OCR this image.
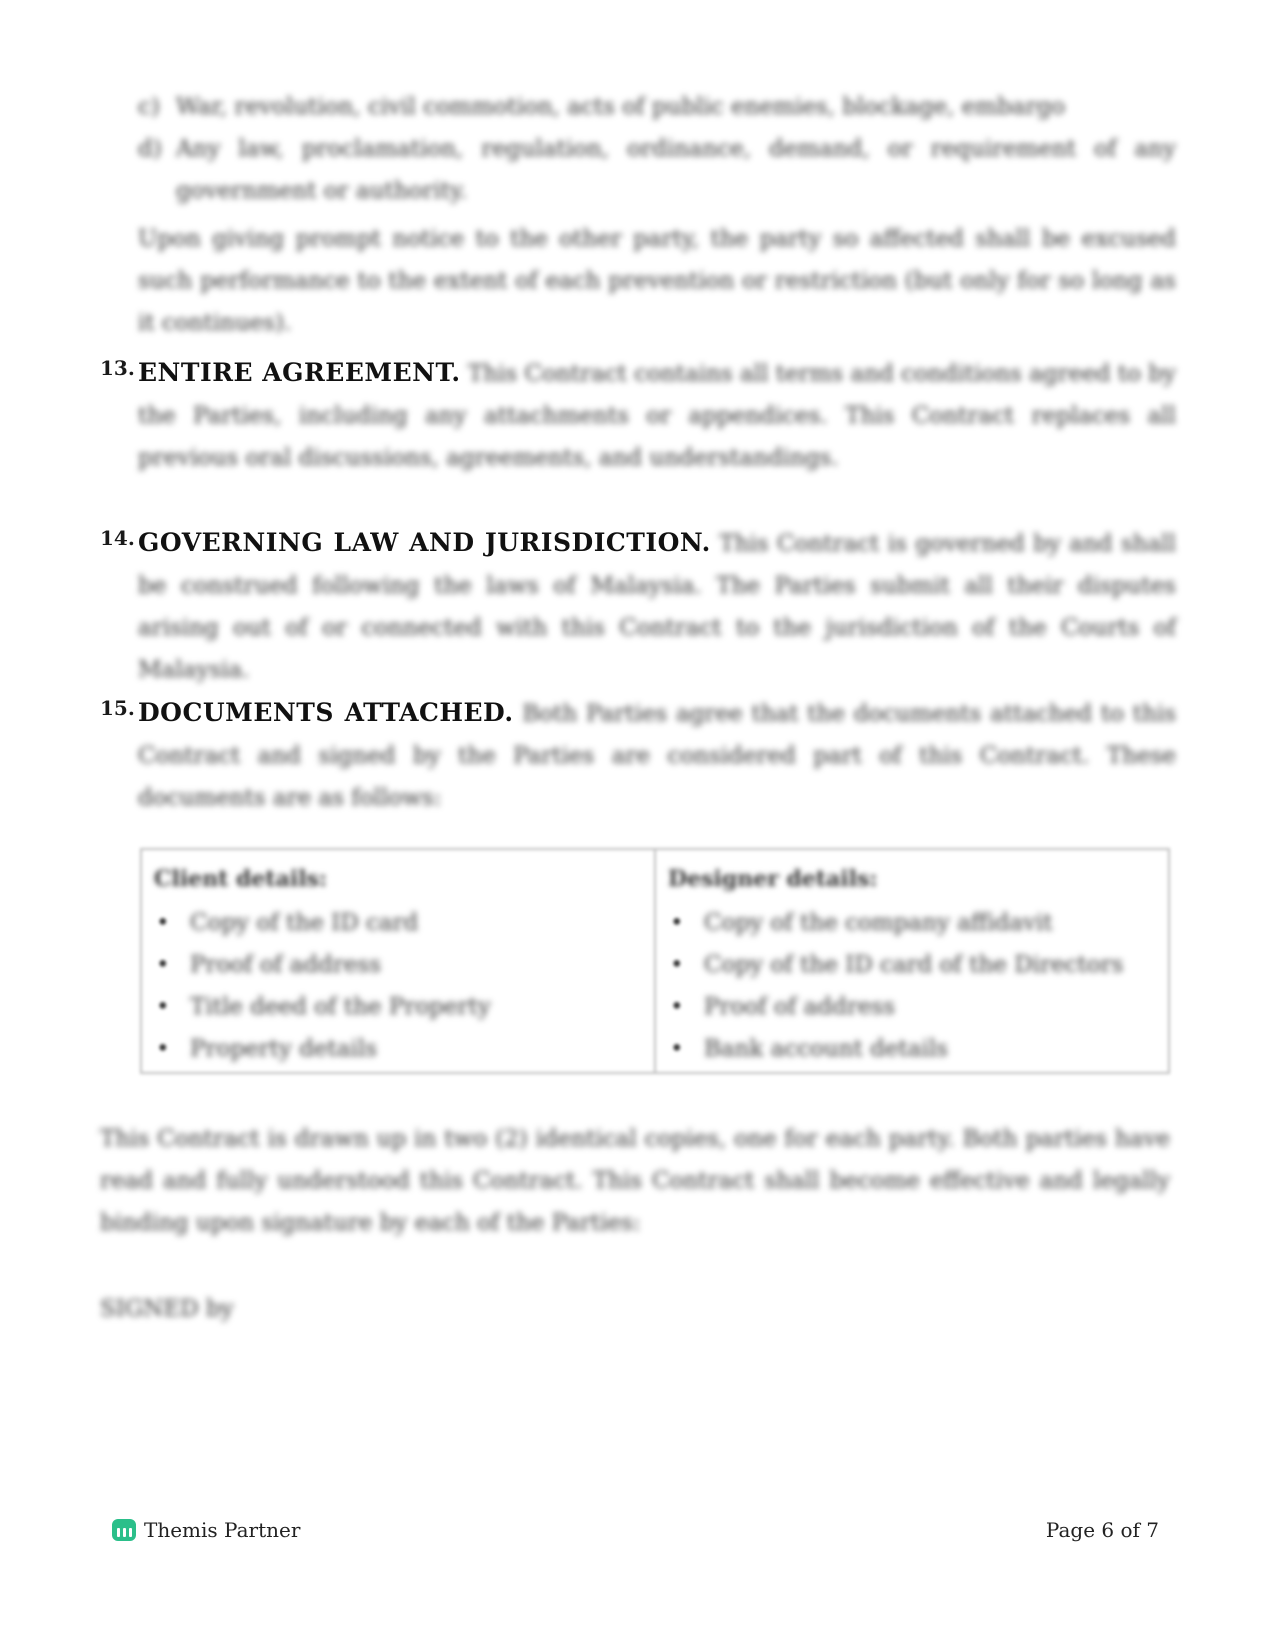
c) War, revolution, civil commotion, acts of public enemies, blockage, embargo
d) Any law, proclamation, regulation, ordinance, demand, or requirement of any government or authority.
Upon giving prompt notice to the other party, the party so affected shall be excused such performance to the extent of each prevention or restriction (but only for so long as it continues).
13. ENTIRE AGREEMENT. This Contract contains all terms and conditions agreed to by the Parties, including any attachments or appendices. This Contract replaces all previous oral discussions, agreements, and understandings.
14. GOVERNING LAW AND JURISDICTION. This Contract is governed by and shall be construed following the laws of Malaysia. The Parties submit all their disputes arising out of or connected with this Contract to the jurisdiction of the Courts of Malaysia.
15. DOCUMENTS ATTACHED. Both Parties agree that the documents attached to this Contract and signed by the Parties are considered part of this Contract. These documents are as follows:
Client details:
• Copy of the ID card
• Proof of address
• Title deed of the Property
• Property details
Designer details:
• Copy of the company affidavit
• Copy of the ID card of the Directors
• Proof of address
• Bank account details
This Contract is drawn up in two (2) identical copies, one for each party. Both parties have read and fully understood this Contract. This Contract shall become effective and legally binding upon signature by each of the Parties:
SIGNED by
Themis Partner	Page 6 of 7
